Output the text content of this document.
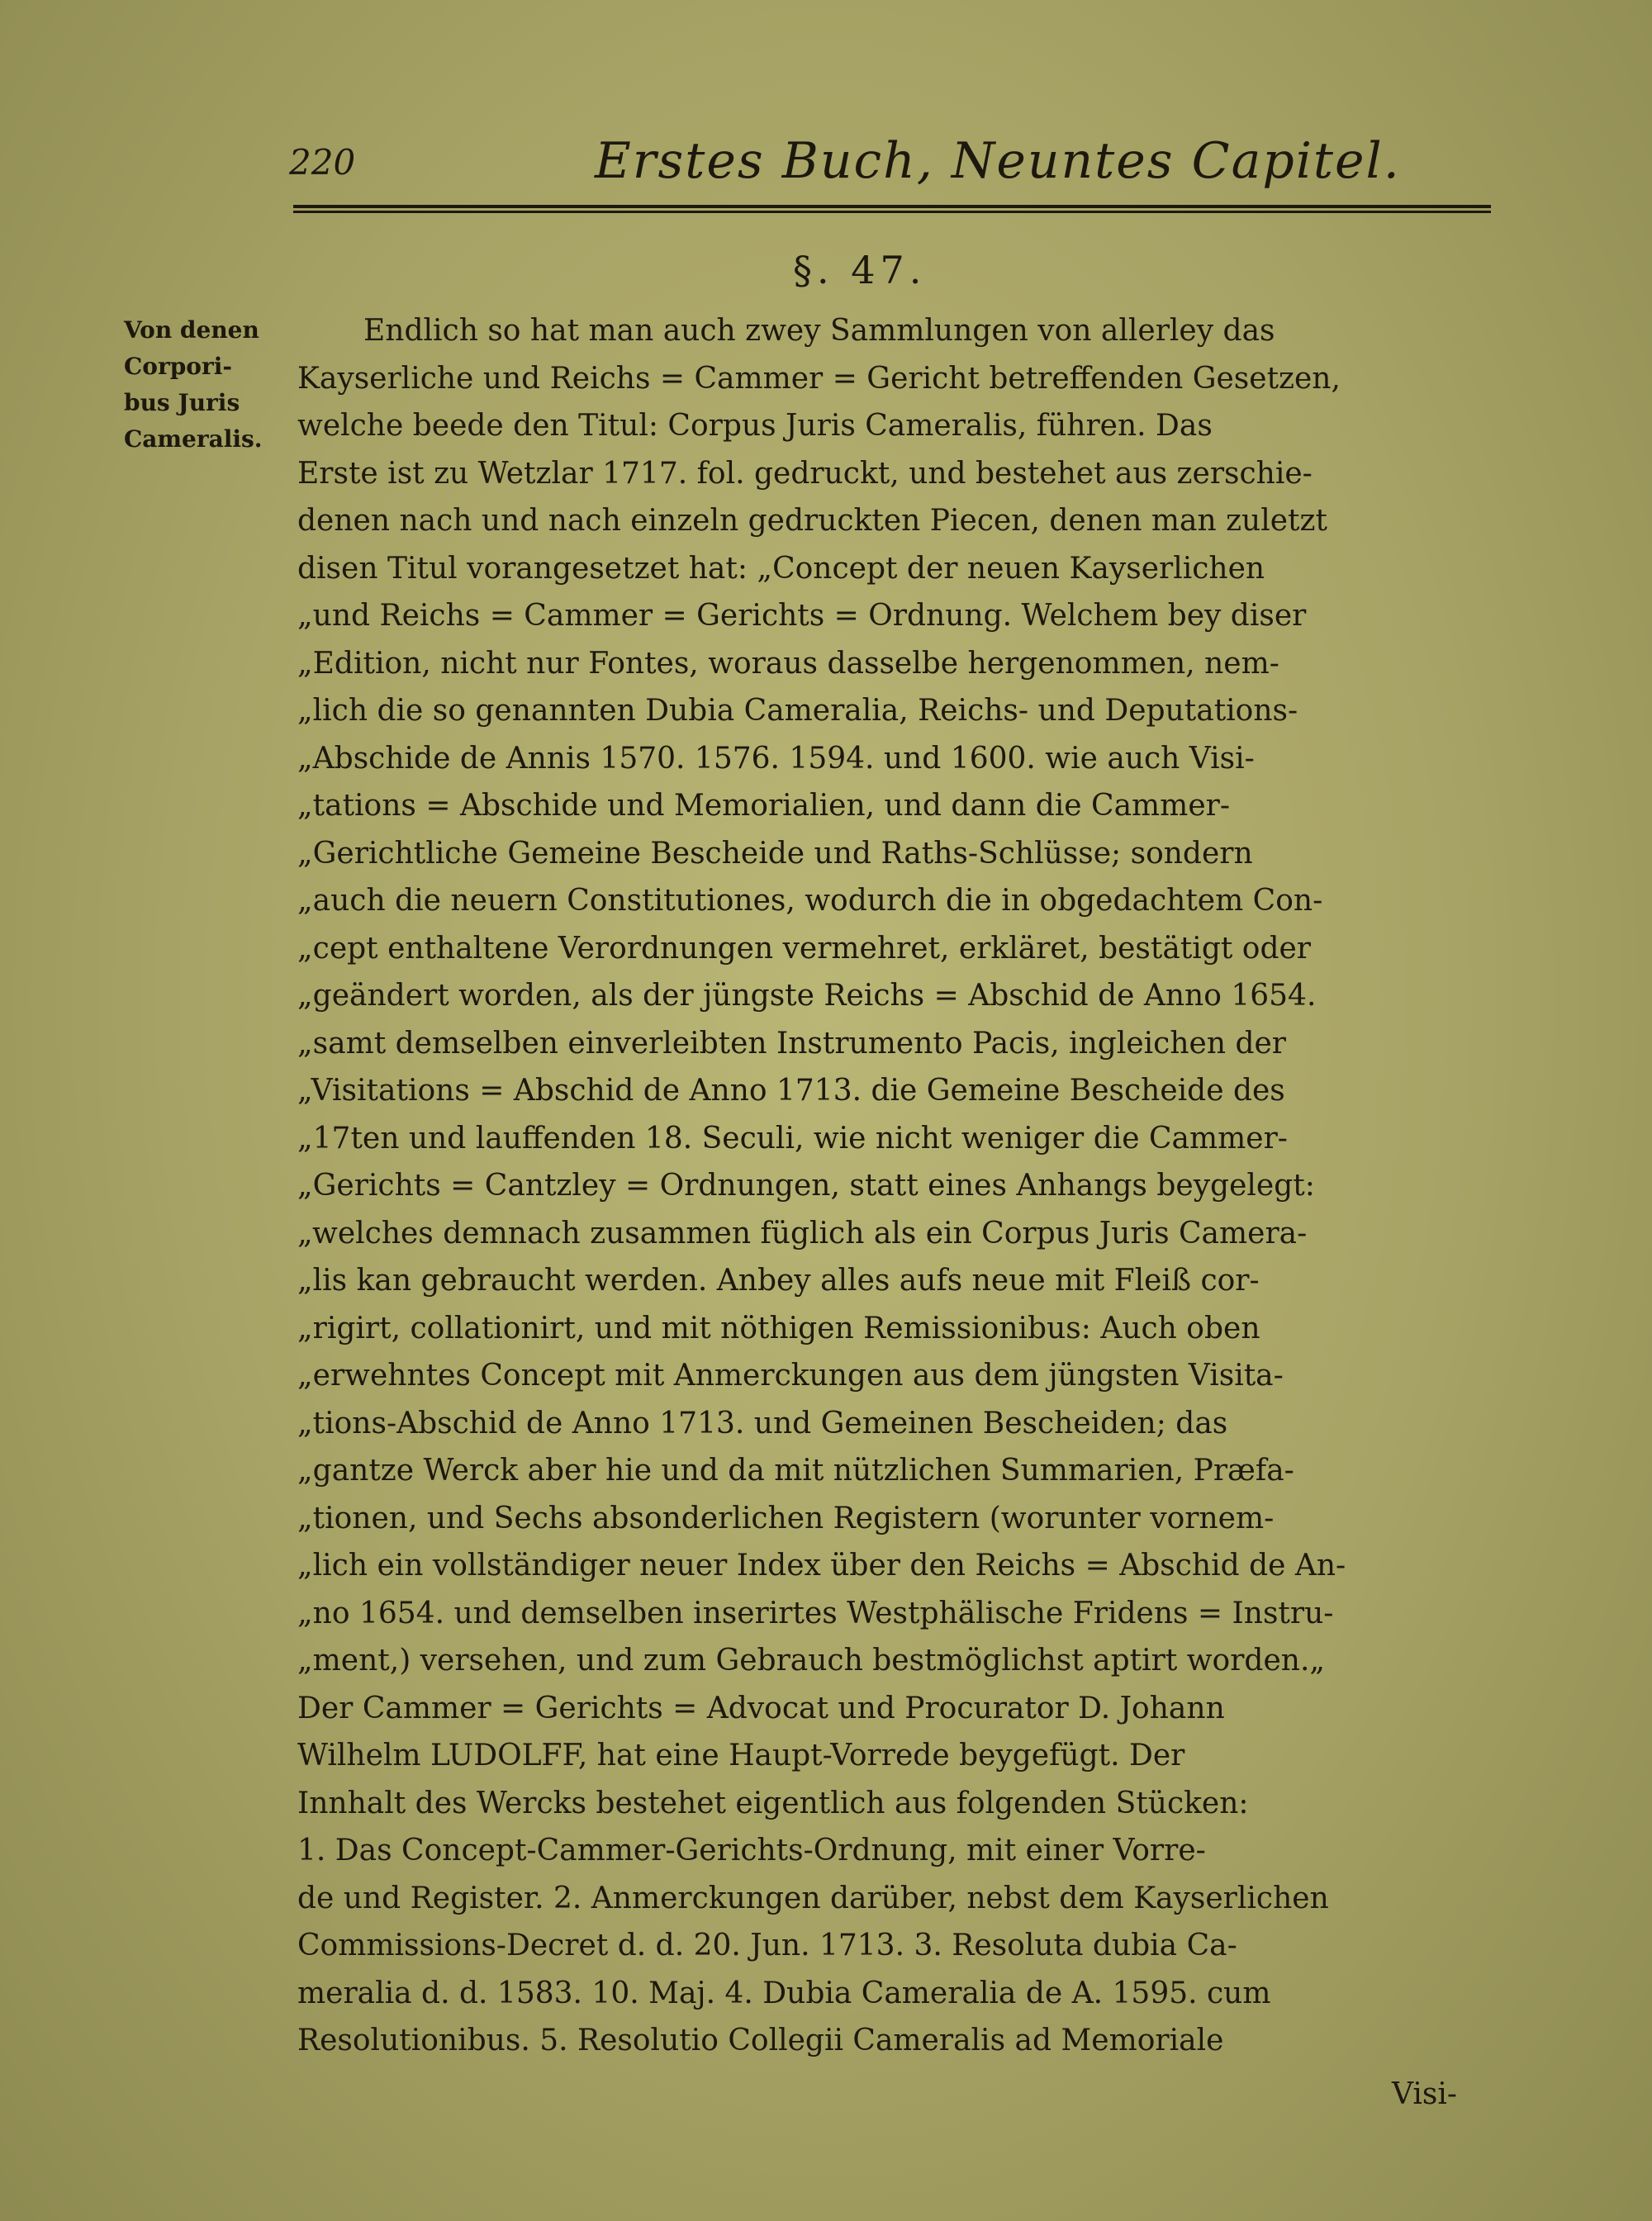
220	Erstes Buch, Neuntes Capitel.
§. 47.
Von denen
Corpori-
bus Juris
Cameralis.
Endlich so hat man auch zwey Sammlungen von allerley das
Kayserliche und Reichs = Cammer = Gericht betreffenden Gesetzen,
welche beede den Titul: Corpus Juris Cameralis, führen. Das
Erste ist zu Wetzlar 1717. fol. gedruckt, und bestehet aus zerschie-
denen nach und nach einzeln gedruckten Piecen, denen man zuletzt
disen Titul vorangesetzet hat: „Concept der neuen Kayserlichen
„und Reichs = Cammer = Gerichts = Ordnung. Welchem bey diser
„Edition, nicht nur Fontes, woraus dasselbe hergenommen, nem-
„lich die so genannten Dubia Cameralia, Reichs- und Deputations-
„Abschide de Annis 1570. 1576. 1594. und 1600. wie auch Visi-
„tations = Abschide und Memorialien, und dann die Cammer-
„Gerichtliche Gemeine Bescheide und Raths-Schlüsse; sondern
„auch die neuern Constitutiones, wodurch die in obgedachtem Con-
„cept enthaltene Verordnungen vermehret, erkläret, bestätigt oder
„geändert worden, als der jüngste Reichs = Abschid de Anno 1654.
„samt demselben einverleibten Instrumento Pacis, ingleichen der
„Visitations = Abschid de Anno 1713. die Gemeine Bescheide des
„17ten und lauffenden 18. Seculi, wie nicht weniger die Cammer-
„Gerichts = Cantzley = Ordnungen, statt eines Anhangs beygelegt:
„welches demnach zusammen füglich als ein Corpus Juris Camera-
„lis kan gebraucht werden. Anbey alles aufs neue mit Fleiß cor-
„rigirt, collationirt, und mit nöthigen Remissionibus: Auch oben
„erwehntes Concept mit Anmerckungen aus dem jüngsten Visita-
„tions-Abschid de Anno 1713. und Gemeinen Bescheiden; das
„gantze Werck aber hie und da mit nützlichen Summarien, Præfa-
„tionen, und Sechs absonderlichen Registern (worunter vornem-
„lich ein vollständiger neuer Index über den Reichs = Abschid de An-
„no 1654. und demselben inserirtes Westphälische Fridens = Instru-
„ment,) versehen, und zum Gebrauch bestmöglichst aptirt worden.„
Der Cammer = Gerichts = Advocat und Procurator D. Johann
Wilhelm LUDOLFF, hat eine Haupt-Vorrede beygefügt. Der
Innhalt des Wercks bestehet eigentlich aus folgenden Stücken:
1. Das Concept-Cammer-Gerichts-Ordnung, mit einer Vorre-
de und Register. 2. Anmerckungen darüber, nebst dem Kayserlichen
Commissions-Decret d. d. 20. Jun. 1713. 3. Resoluta dubia Ca-
meralia d. d. 1583. 10. Maj. 4. Dubia Cameralia de A. 1595. cum
Resolutionibus. 5. Resolutio Collegii Cameralis ad Memoriale
Visi-
